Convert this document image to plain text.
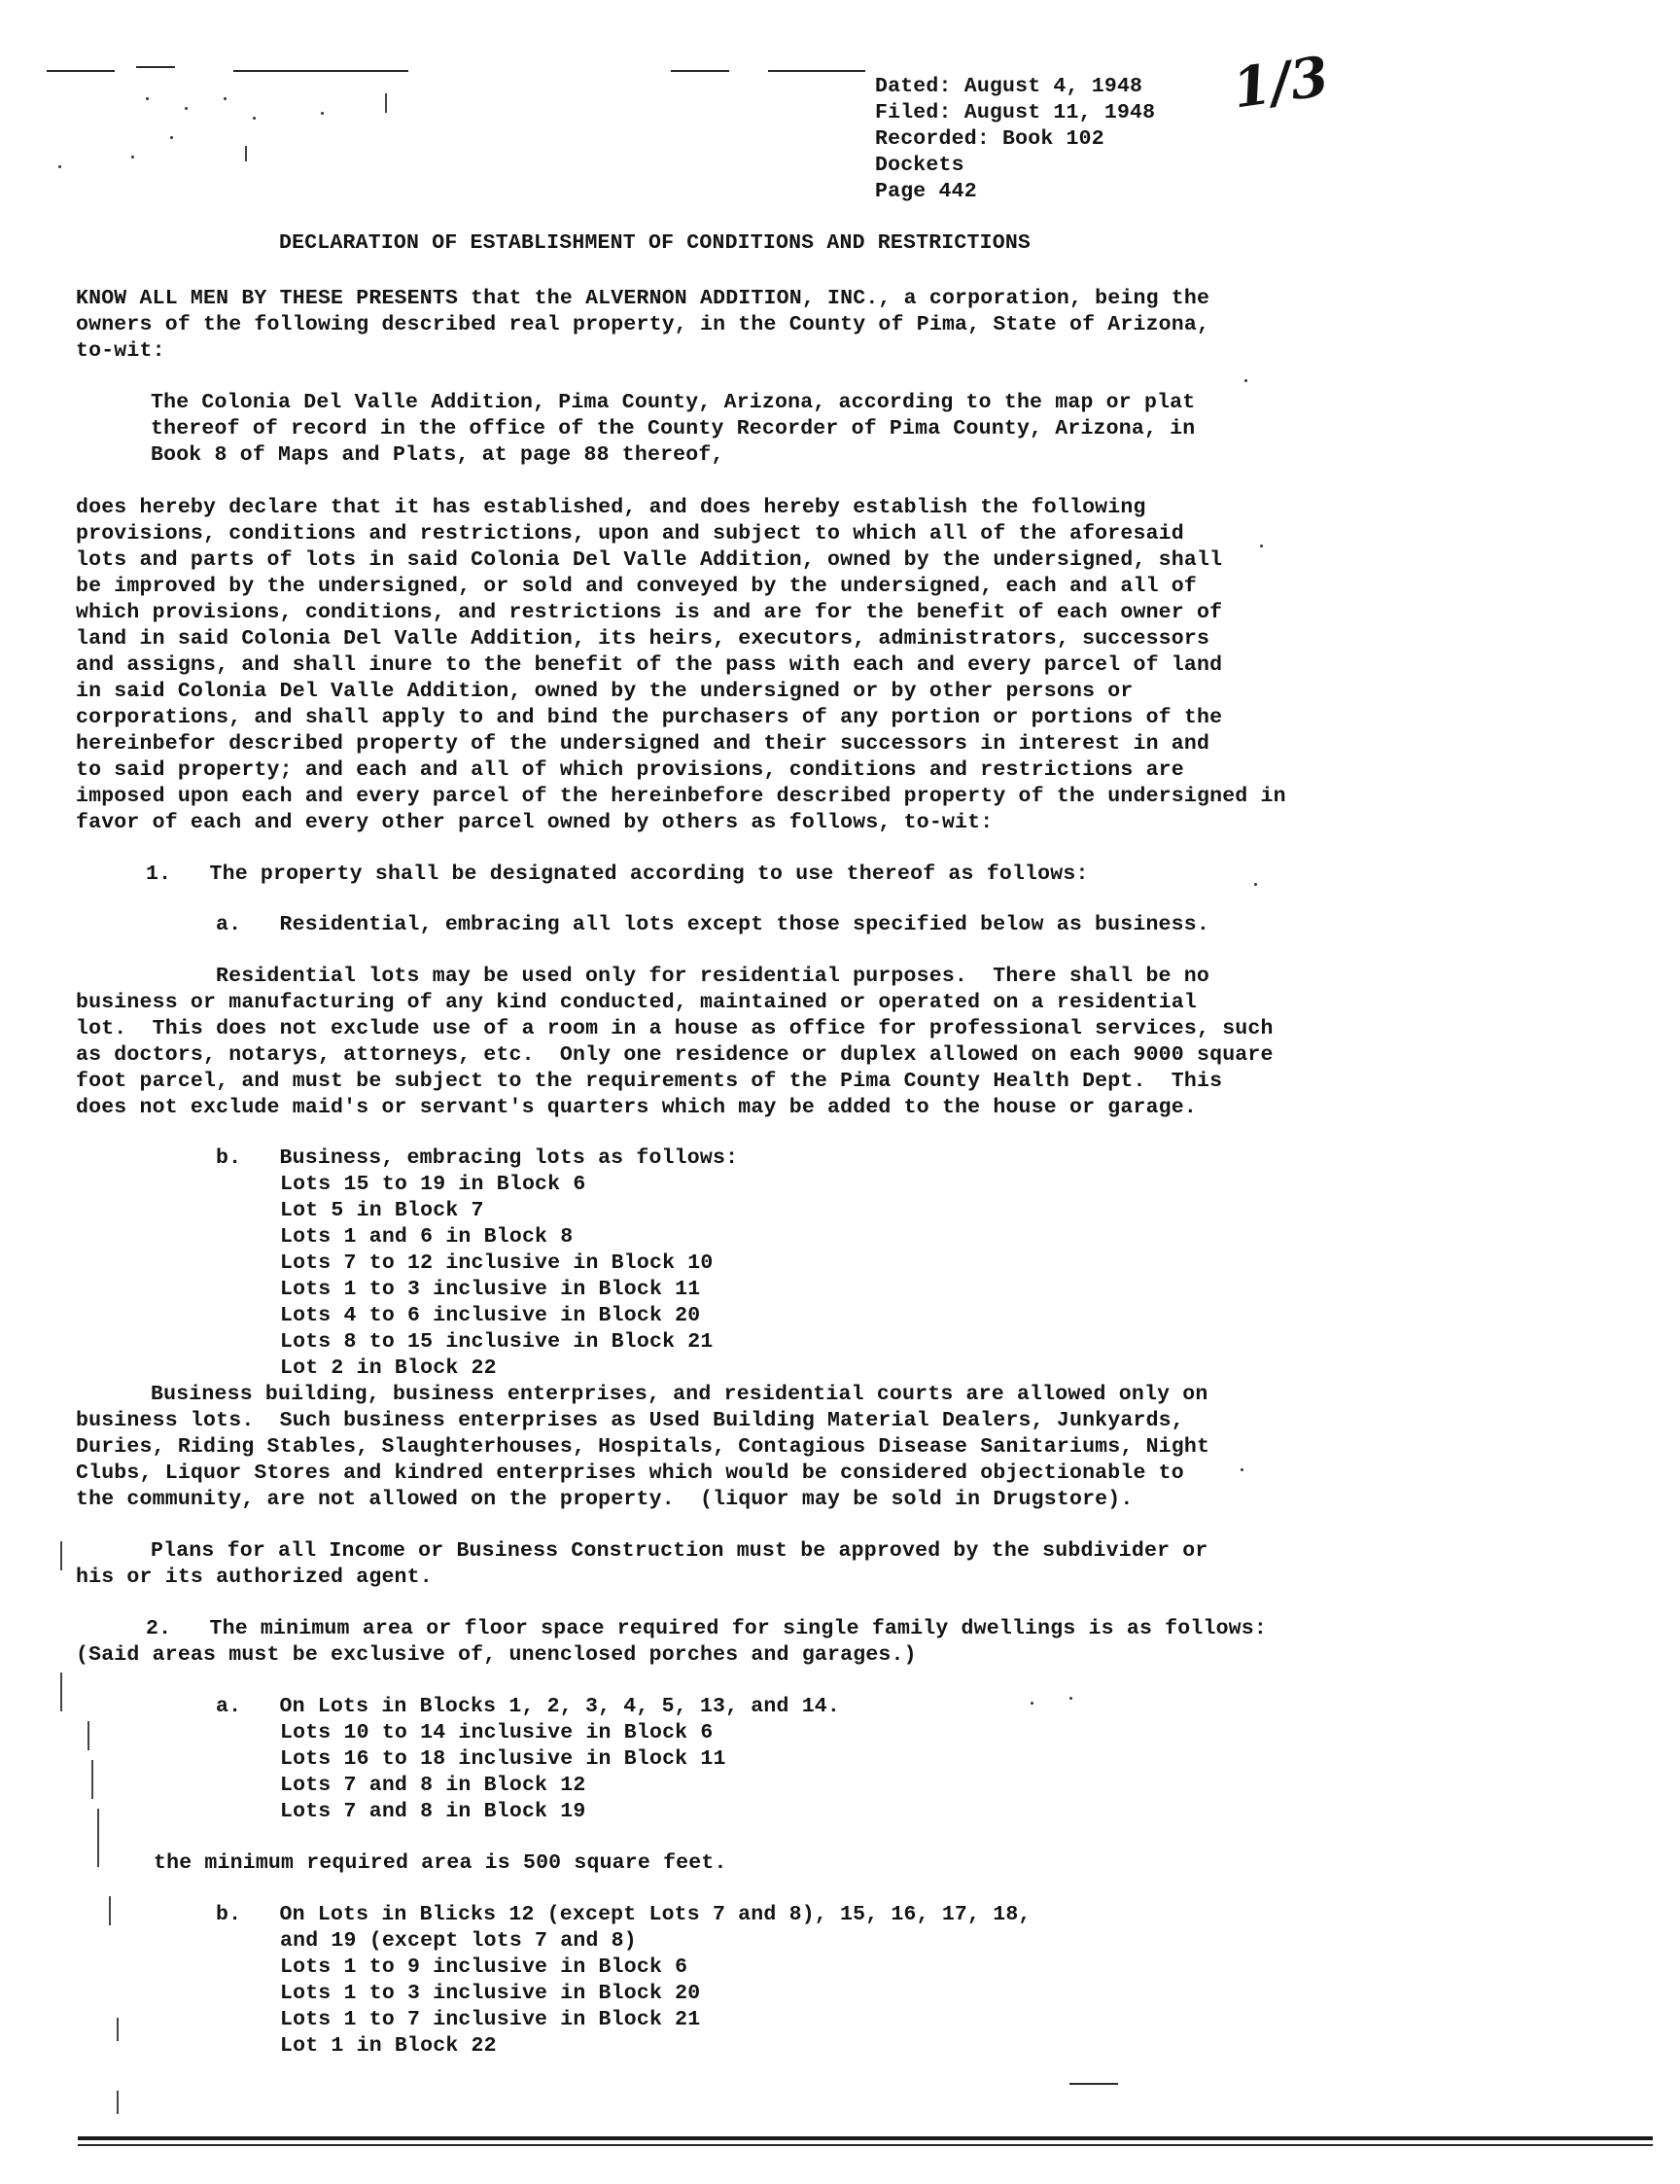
Dated: August 4, 1948
Filed: August 11, 1948
Recorded: Book 102
Dockets
Page 442
1/3
DECLARATION OF ESTABLISHMENT OF CONDITIONS AND RESTRICTIONS
KNOW ALL MEN BY THESE PRESENTS that the ALVERNON ADDITION, INC., a corporation, being the
owners of the following described real property, in the County of Pima, State of Arizona,
to-wit:
The Colonia Del Valle Addition, Pima County, Arizona, according to the map or plat
thereof of record in the office of the County Recorder of Pima County, Arizona, in
Book 8 of Maps and Plats, at page 88 thereof,
does hereby declare that it has established, and does hereby establish the following
provisions, conditions and restrictions, upon and subject to which all of the aforesaid
lots and parts of lots in said Colonia Del Valle Addition, owned by the undersigned, shall
be improved by the undersigned, or sold and conveyed by the undersigned, each and all of
which provisions, conditions, and restrictions is and are for the benefit of each owner of
land in said Colonia Del Valle Addition, its heirs, executors, administrators, successors
and assigns, and shall inure to the benefit of the pass with each and every parcel of land
in said Colonia Del Valle Addition, owned by the undersigned or by other persons or
corporations, and shall apply to and bind the purchasers of any portion or portions of the
hereinbefor described property of the undersigned and their successors in interest in and
to said property; and each and all of which provisions, conditions and restrictions are
imposed upon each and every parcel of the hereinbefore described property of the undersigned in
favor of each and every other parcel owned by others as follows, to-wit:
1.   The property shall be designated according to use thereof as follows:
a.   Residential, embracing all lots except those specified below as business.
Residential lots may be used only for residential purposes.  There shall be no
business or manufacturing of any kind conducted, maintained or operated on a residential
lot.  This does not exclude use of a room in a house as office for professional services, such
as doctors, notarys, attorneys, etc.  Only one residence or duplex allowed on each 9000 square
foot parcel, and must be subject to the requirements of the Pima County Health Dept.  This
does not exclude maid's or servant's quarters which may be added to the house or garage.
b.   Business, embracing lots as follows:
Lots 15 to 19 in Block 6
Lot 5 in Block 7
Lots 1 and 6 in Block 8
Lots 7 to 12 inclusive in Block 10
Lots 1 to 3 inclusive in Block 11
Lots 4 to 6 inclusive in Block 20
Lots 8 to 15 inclusive in Block 21
Lot 2 in Block 22
Business building, business enterprises, and residential courts are allowed only on
business lots.  Such business enterprises as Used Building Material Dealers, Junkyards,
Duries, Riding Stables, Slaughterhouses, Hospitals, Contagious Disease Sanitariums, Night
Clubs, Liquor Stores and kindred enterprises which would be considered objectionable to
the community, are not allowed on the property.  (liquor may be sold in Drugstore).
Plans for all Income or Business Construction must be approved by the subdivider or
his or its authorized agent.
2.   The minimum area or floor space required for single family dwellings is as follows:
(Said areas must be exclusive of, unenclosed porches and garages.)
a.   On Lots in Blocks 1, 2, 3, 4, 5, 13, and 14.
Lots 10 to 14 inclusive in Block 6
Lots 16 to 18 inclusive in Block 11
Lots 7 and 8 in Block 12
Lots 7 and 8 in Block 19
the minimum required area is 500 square feet.
b.   On Lots in Blicks 12 (except Lots 7 and 8), 15, 16, 17, 18,
and 19 (except lots 7 and 8)
Lots 1 to 9 inclusive in Block 6
Lots 1 to 3 inclusive in Block 20
Lots 1 to 7 inclusive in Block 21
Lot 1 in Block 22
